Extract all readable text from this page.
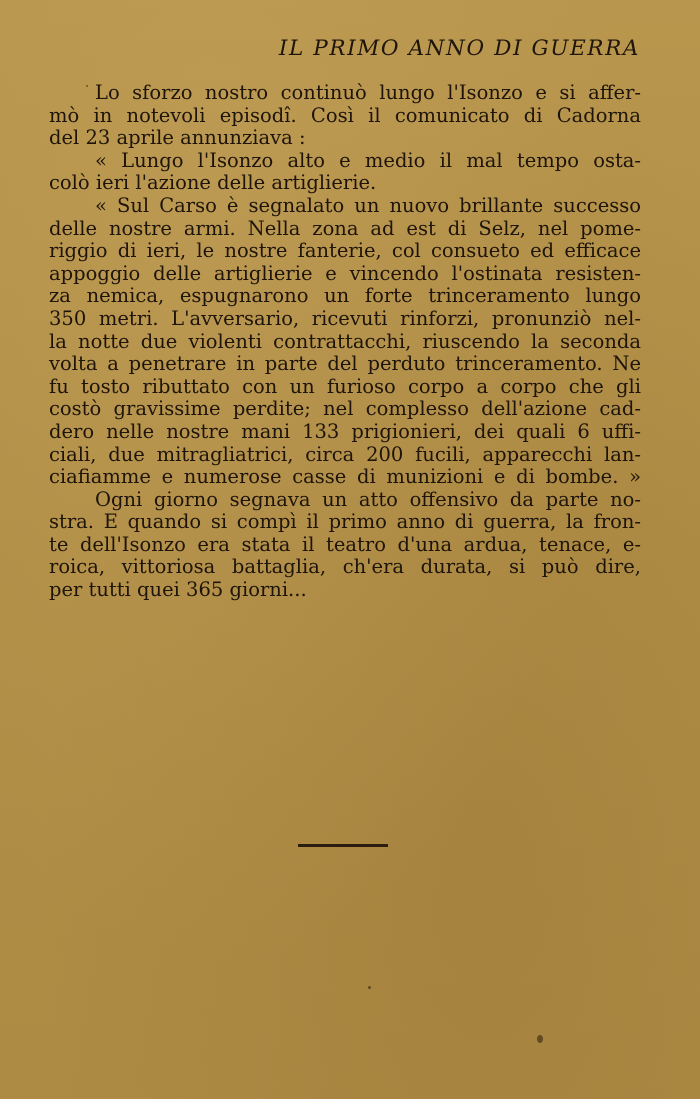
IL PRIMO ANNO DI GUERRA
Lo sforzo nostro continuò lungo l'Isonzo e si affer-
mò in notevoli episodî. Così il comunicato di Cadorna
del 23 aprile annunziava :
« Lungo l'Isonzo alto e medio il mal tempo osta-
colò ieri l'azione delle artiglierie.
« Sul Carso è segnalato un nuovo brillante successo
delle nostre armi. Nella zona ad est di Selz, nel pome-
riggio di ieri, le nostre fanterie, col consueto ed efficace
appoggio delle artiglierie e vincendo l'ostinata resisten-
za nemica, espugnarono un forte trinceramento lungo
350 metri. L'avversario, ricevuti rinforzi, pronunziò nel-
la notte due violenti contrattacchi, riuscendo la seconda
volta a penetrare in parte del perduto trinceramento. Ne
fu tosto ributtato con un furioso corpo a corpo che gli
costò gravissime perdite; nel complesso dell'azione cad-
dero nelle nostre mani 133 prigionieri, dei quali 6 uffi-
ciali, due mitragliatrici, circa 200 fucili, apparecchi lan-
ciafiamme e numerose casse di munizioni e di bombe. »
Ogni giorno segnava un atto offensivo da parte no-
stra. E quando si compì il primo anno di guerra, la fron-
te dell'Isonzo era stata il teatro d'una ardua, tenace, e-
roica, vittoriosa battaglia, ch'era durata, si può dire,
per tutti quei 365 giorni...
